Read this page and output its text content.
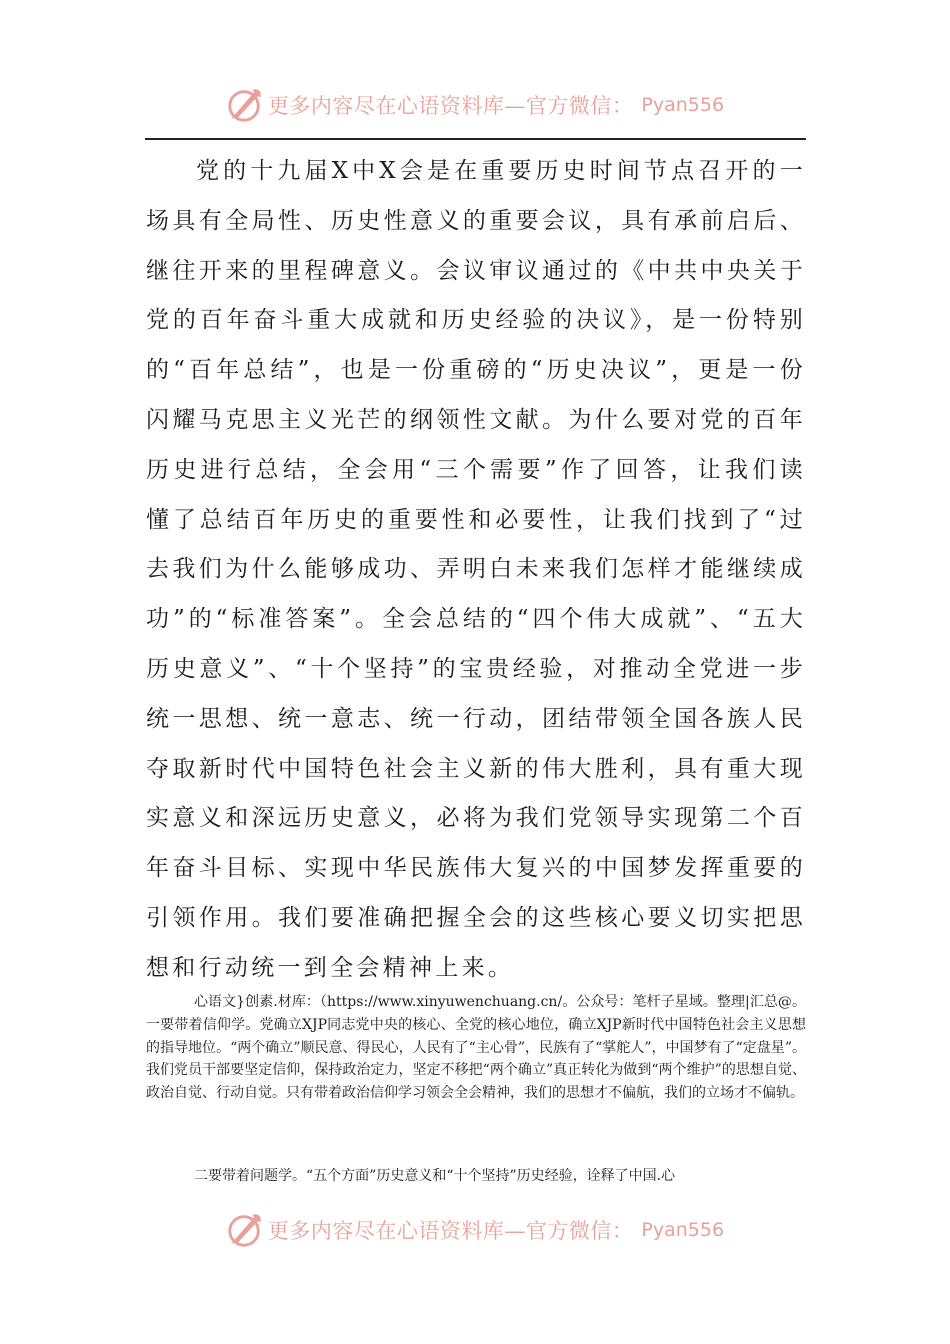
更多内容尽在心语资料库—官方微信： Pyan556

党的十九届X中X会是在重要历史时间节点召开的一场具有全局性、历史性意义的重要会议，具有承前启后、继往开来的里程碑意义。会议审议通过的《中共中央关于党的百年奋斗重大成就和历史经验的决议》，是一份特别的“百年总结”，也是一份重磅的“历史决议”，更是一份闪耀马克思主义光芒的纲领性文献。为什么要对党的百年历史进行总结，全会用“三个需要”作了回答，让我们读懂了总结百年历史的重要性和必要性，让我们找到了“过去我们为什么能够成功、弄明白未来我们怎样才能继续成功”的“标准答案”。全会总结的“四个伟大成就”、“五大历史意义”、“十个坚持”的宝贵经验，对推动全党进一步统一思想、统一意志、统一行动，团结带领全国各族人民夺取新时代中国特色社会主义新的伟大胜利，具有重大现实意义和深远历史意义，必将为我们党领导实现第二个百年奋斗目标、实现中华民族伟大复兴的中国梦发挥重要的引领作用。我们要准确把握全会的这些核心要义切实把思想和行动统一到全会精神上来。

心语文}创素.材库：（https://www.xinyuwenchuang.cn/。公众号：笔杆子星域。整理|汇总@。一要带着信仰学。党确立XJP同志党中央的核心、全党的核心地位，确立XJP新时代中国特色社会主义思想的指导地位。“两个确立”顺民意、得民心，人民有了“主心骨”，民族有了“掌舵人”，中国梦有了“定盘星”。我们党员干部要坚定信仰，保持政治定力，坚定不移把“两个确立”真正转化为做到“两个维护”的思想自觉、政治自觉、行动自觉。只有带着政治信仰学习领会全会精神，我们的思想才不偏航，我们的立场才不偏轨。

二要带着问题学。“五个方面”历史意义和“十个坚持”历史经验，诠释了中国.心

更多内容尽在心语资料库—官方微信： Pyan556
